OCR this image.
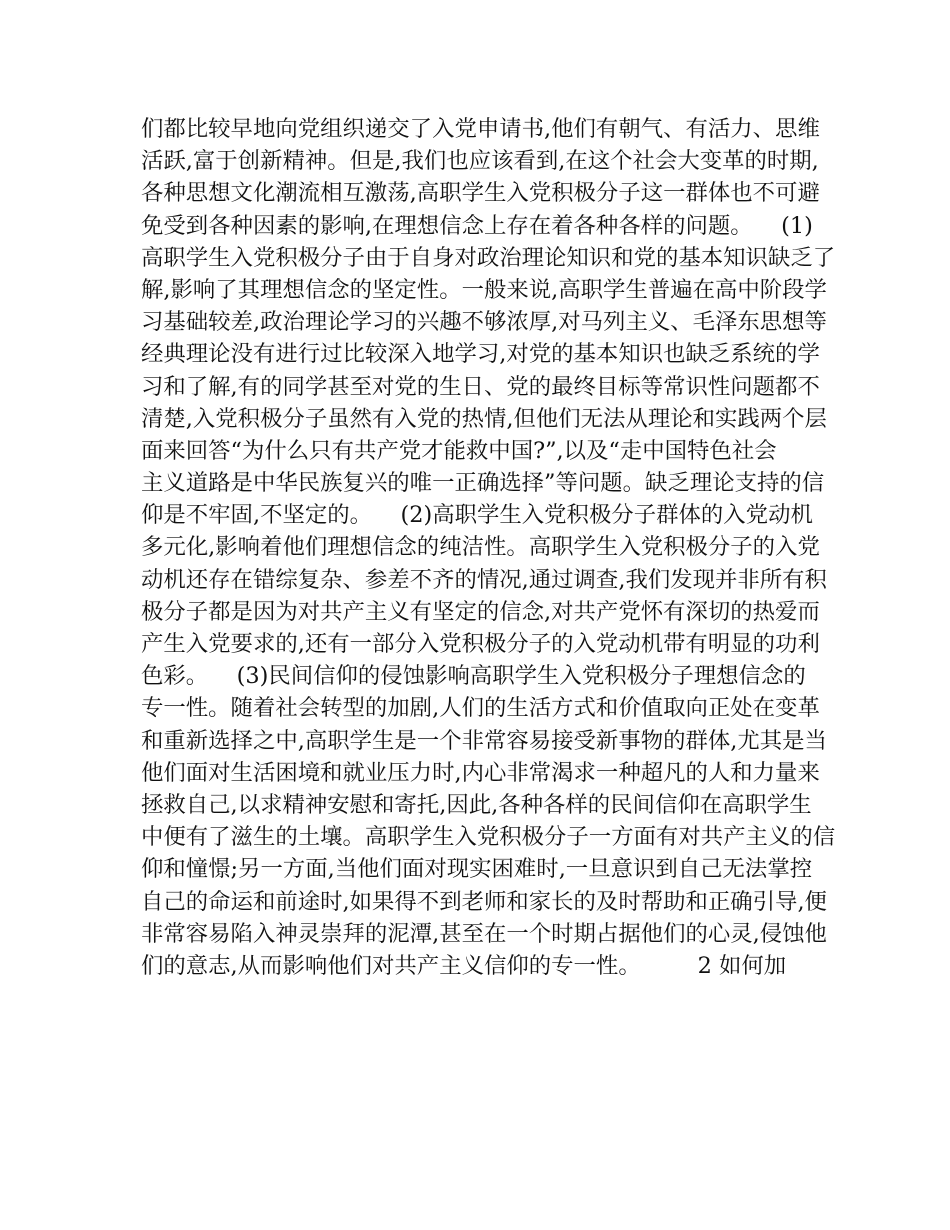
们都比较早地向党组织递交了入党申请书,他们有朝气、有活力、思维
活跃,富于创新精神。但是,我们也应该看到,在这个社会大变革的时期,
各种思想文化潮流相互激荡,高职学生入党积极分子这一群体也不可避
免受到各种因素的影响,在理想信念上存在着各种各样的问题。    (1)
高职学生入党积极分子由于自身对政治理论知识和党的基本知识缺乏了
解,影响了其理想信念的坚定性。一般来说,高职学生普遍在高中阶段学
习基础较差,政治理论学习的兴趣不够浓厚,对马列主义、毛泽东思想等
经典理论没有进行过比较深入地学习,对党的基本知识也缺乏系统的学
习和了解,有的同学甚至对党的生日、党的最终目标等常识性问题都不
清楚,入党积极分子虽然有入党的热情,但他们无法从理论和实践两个层
面来回答“为什么只有共产党才能救中国?”,以及“走中国特色社会
主义道路是中华民族复兴的唯一正确选择”等问题。缺乏理论支持的信
仰是不牢固,不坚定的。    (2)高职学生入党积极分子群体的入党动机
多元化,影响着他们理想信念的纯洁性。高职学生入党积极分子的入党
动机还存在错综复杂、参差不齐的情况,通过调查,我们发现并非所有积
极分子都是因为对共产主义有坚定的信念,对共产党怀有深切的热爱而
产生入党要求的,还有一部分入党积极分子的入党动机带有明显的功利
色彩。    (3)民间信仰的侵蚀影响高职学生入党积极分子理想信念的
专一性。随着社会转型的加剧,人们的生活方式和价值取向正处在变革
和重新选择之中,高职学生是一个非常容易接受新事物的群体,尤其是当
他们面对生活困境和就业压力时,内心非常渴求一种超凡的人和力量来
拯救自己,以求精神安慰和寄托,因此,各种各样的民间信仰在高职学生
中便有了滋生的土壤。高职学生入党积极分子一方面有对共产主义的信
仰和憧憬;另一方面,当他们面对现实困难时,一旦意识到自己无法掌控
自己的命运和前途时,如果得不到老师和家长的及时帮助和正确引导,便
非常容易陷入神灵崇拜的泥潭,甚至在一个时期占据他们的心灵,侵蚀他
们的意志,从而影响他们对共产主义信仰的专一性。        2 如何加
